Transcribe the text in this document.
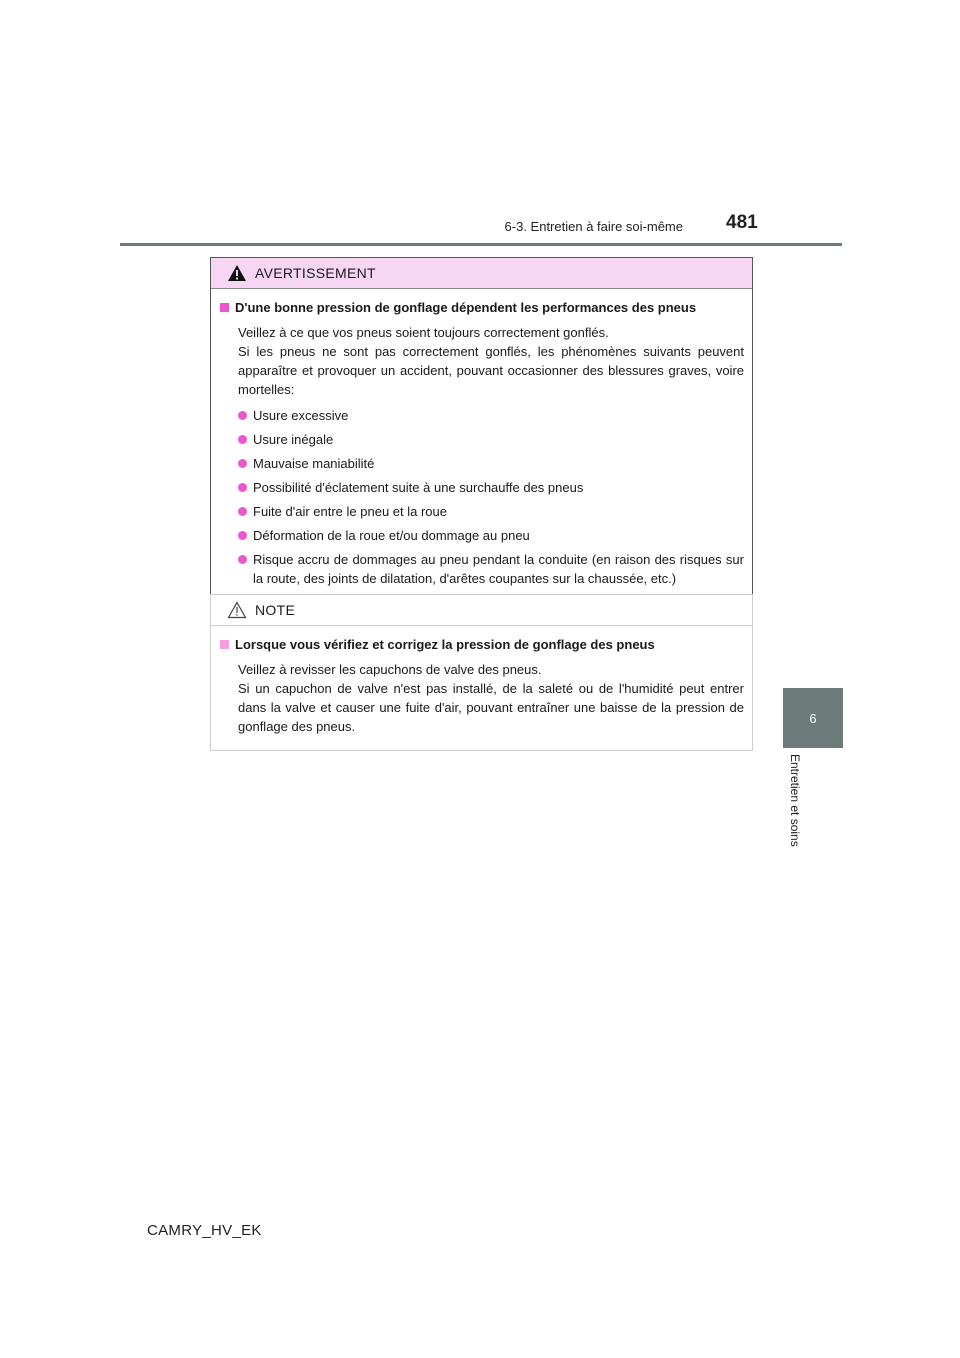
6-3. Entretien à faire soi-même 481
6
Entretien et soins
AVERTISSEMENT
D'une bonne pression de gonflage dépendent les performances des pneus
Veillez à ce que vos pneus soient toujours correctement gonflés.
Si les pneus ne sont pas correctement gonflés, les phénomènes suivants peuvent apparaître et provoquer un accident, pouvant occasionner des blessures graves, voire mortelles:
Usure excessive
Usure inégale
Mauvaise maniabilité
Possibilité d'éclatement suite à une surchauffe des pneus
Fuite d'air entre le pneu et la roue
Déformation de la roue et/ou dommage au pneu
Risque accru de dommages au pneu pendant la conduite (en raison des risques sur la route, des joints de dilatation, d'arêtes coupantes sur la chaussée, etc.)
NOTE
Lorsque vous vérifiez et corrigez la pression de gonflage des pneus
Veillez à revisser les capuchons de valve des pneus.
Si un capuchon de valve n'est pas installé, de la saleté ou de l'humidité peut entrer dans la valve et causer une fuite d'air, pouvant entraîner une baisse de la pression de gonflage des pneus.
CAMRY_HV_EK
